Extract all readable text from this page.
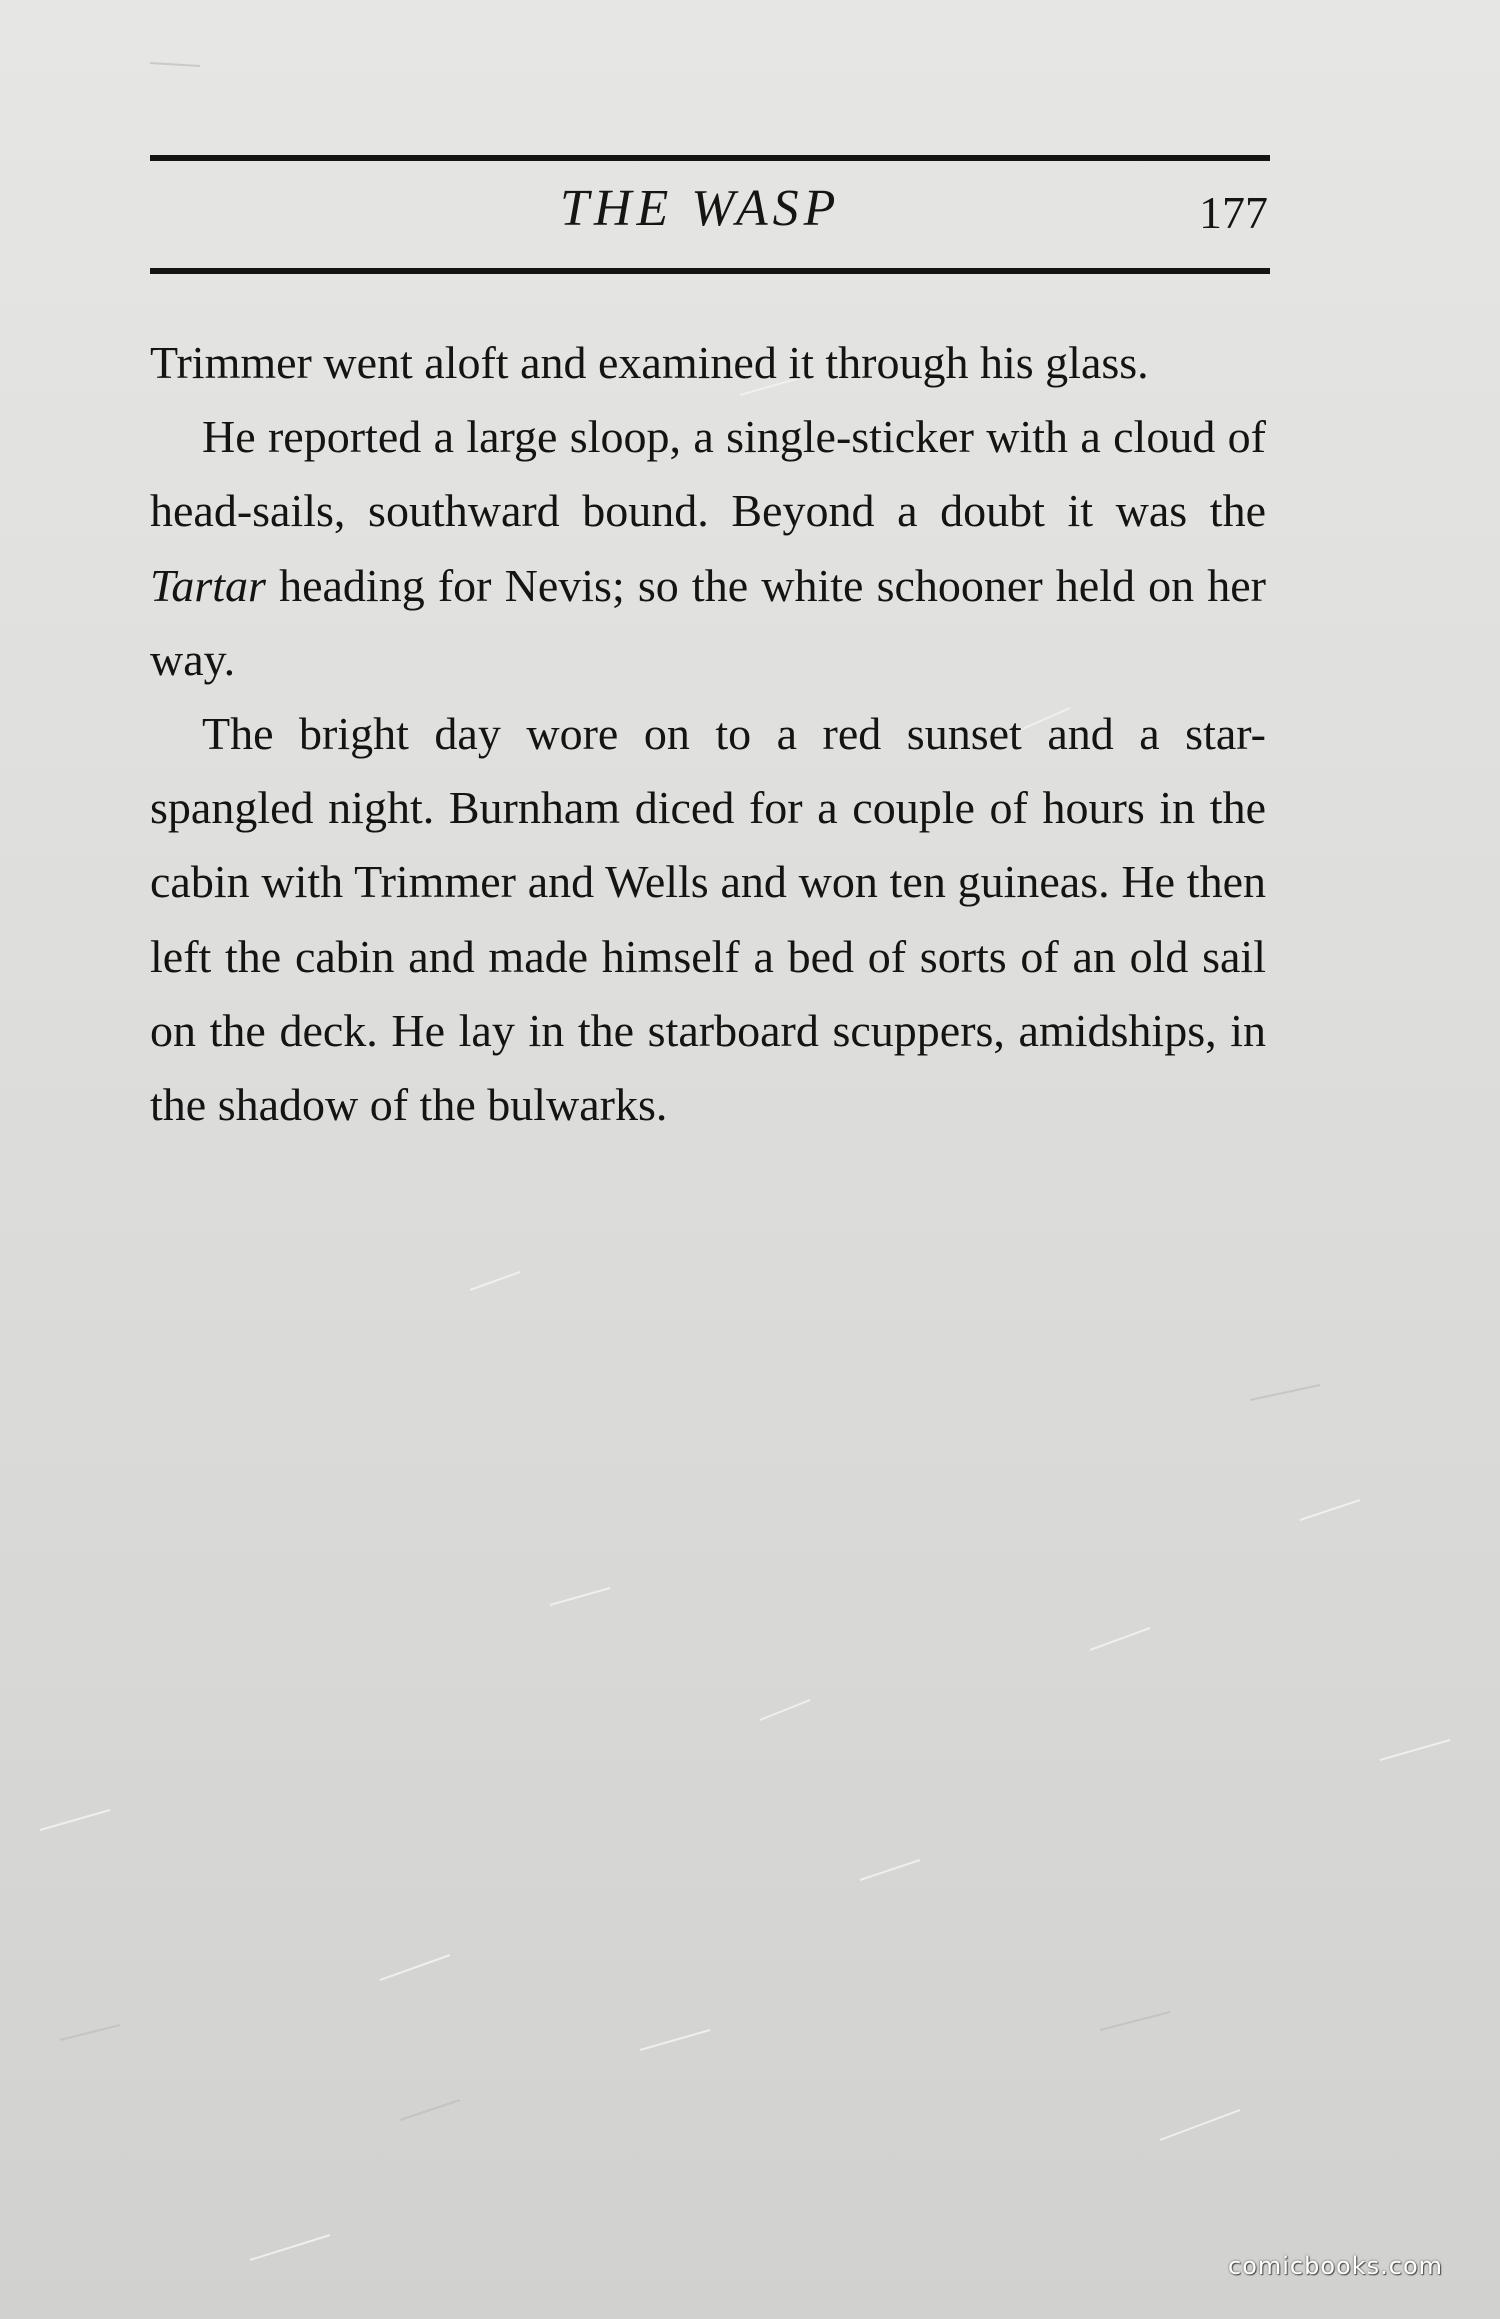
THE WASP	177

Trimmer went aloft and examined it through his glass.

He reported a large sloop, a single-sticker with a cloud of head-sails, southward bound. Beyond a doubt it was the Tartar heading for Nevis; so the white schooner held on her way.

The bright day wore on to a red sunset and a star-spangled night. Burnham diced for a couple of hours in the cabin with Trimmer and Wells and won ten guineas. He then left the cabin and made himself a bed of sorts of an old sail on the deck. He lay in the starboard scuppers, amidships, in the shadow of the bulwarks.

comicbooks.com
